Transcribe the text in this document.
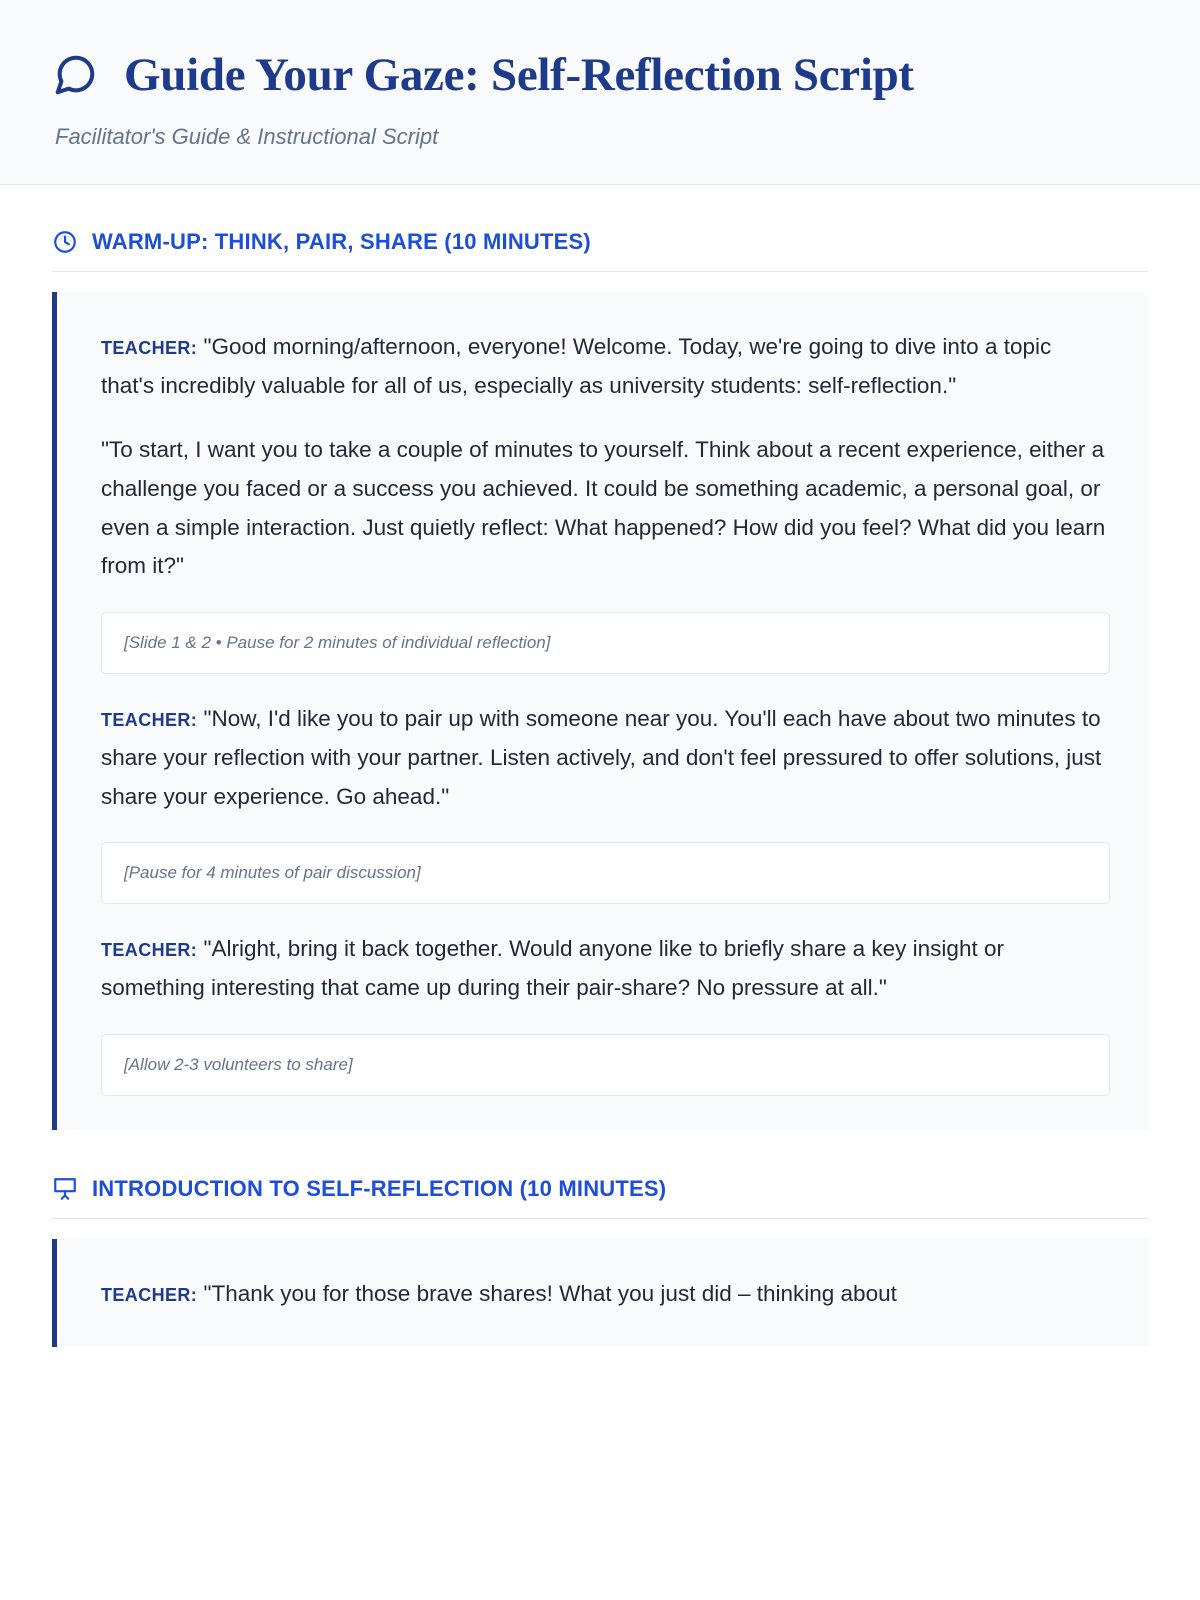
Guide Your Gaze: Self-Reflection Script
Facilitator's Guide & Instructional Script
WARM-UP: THINK, PAIR, SHARE (10 MINUTES)

TEACHER: "Good morning/afternoon, everyone! Welcome. Today, we're going to dive into a topic that's incredibly valuable for all of us, especially as university students: self-reflection."

"To start, I want you to take a couple of minutes to yourself. Think about a recent experience, either a challenge you faced or a success you achieved. It could be something academic, a personal goal, or even a simple interaction. Just quietly reflect: What happened? How did you feel? What did you learn from it?"

[Slide 1 & 2 • Pause for 2 minutes of individual reflection]

TEACHER: "Now, I'd like you to pair up with someone near you. You'll each have about two minutes to share your reflection with your partner. Listen actively, and don't feel pressured to offer solutions, just share your experience. Go ahead."

[Pause for 4 minutes of pair discussion]

TEACHER: "Alright, bring it back together. Would anyone like to briefly share a key insight or something interesting that came up during their pair-share? No pressure at all."

[Allow 2-3 volunteers to share]
INTRODUCTION TO SELF-REFLECTION (10 MINUTES)

TEACHER: "Thank you for those brave shares! What you just did – thinking about
